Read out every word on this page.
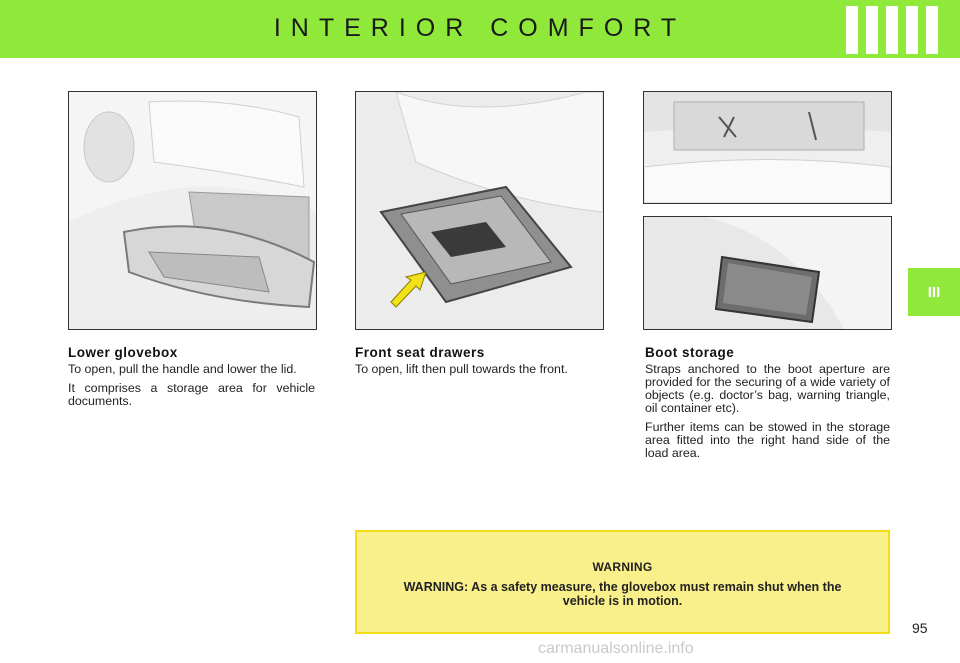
INTERIOR COMFORT
Lower glovebox

To open, pull the handle and lower the lid.

It comprises a storage area for vehicle documents.

Front seat drawers

To open, lift then pull towards the front.

Boot storage

Straps anchored to the boot aperture are provided for the securing of a wide variety of objects (e.g. doctor’s bag, warning triangle, oil container etc).

Further items can be stowed in the storage area fitted into the right hand side of the load area.

III
WARNING
WARNING: As a safety measure, the glovebox must remain shut when the vehicle is in motion.
95
carmanualsonline.info
